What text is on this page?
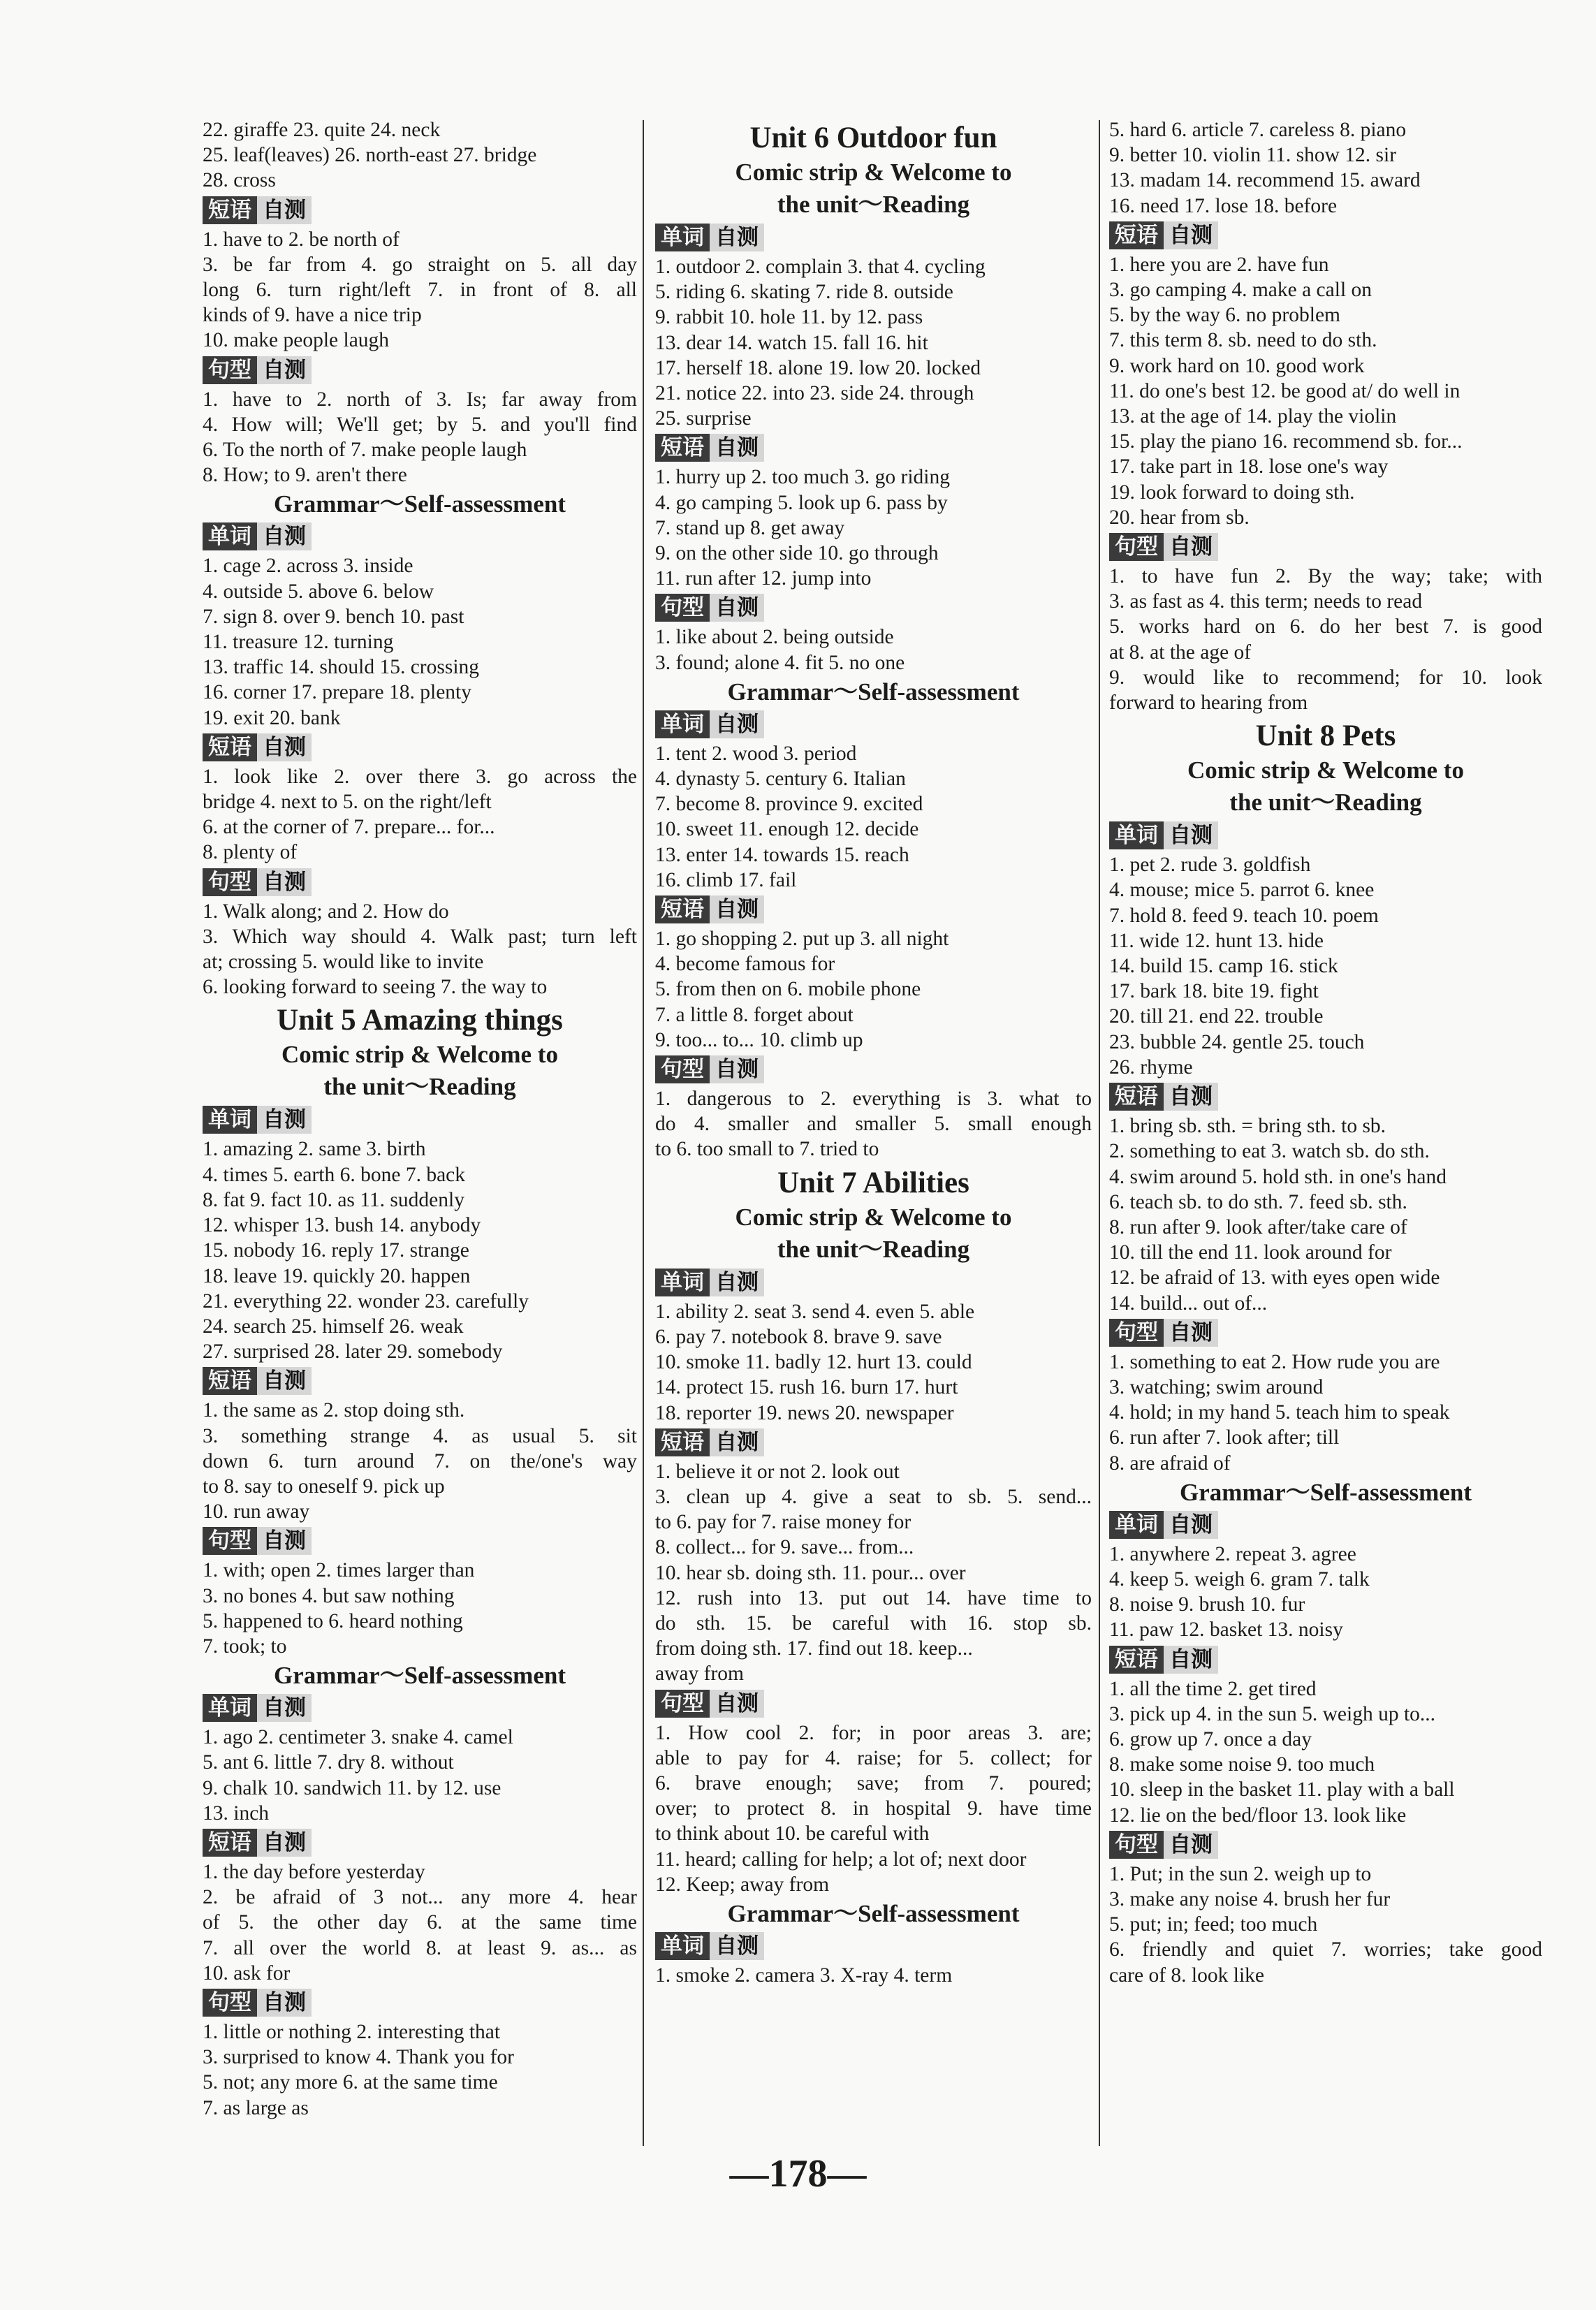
22. giraffe 23. quite 24. neck
25. leaf(leaves) 26. north-east 27. bridge
28. cross
短语 自测
1. have to 2. be north of
3. be far from 4. go straight on 5. all day
long 6. turn right/left 7. in front of 8. all
kinds of 9. have a nice trip
10. make people laugh
句型 自测
1. have to 2. north of 3. Is; far away from
4. How will; We'll get; by 5. and you'll find
6. To the north of 7. make people laugh
8. How; to 9. aren't there
Grammar～Self-assessment
单词 自测
1. cage 2. across 3. inside
4. outside 5. above 6. below
7. sign 8. over 9. bench 10. past
11. treasure 12. turning
13. traffic 14. should 15. crossing
16. corner 17. prepare 18. plenty
19. exit 20. bank
短语 自测
1. look like 2. over there 3. go across the
bridge 4. next to 5. on the right/left
6. at the corner of 7. prepare... for...
8. plenty of
句型 自测
1. Walk along; and 2. How do
3. Which way should 4. Walk past; turn left
at; crossing 5. would like to invite
6. looking forward to seeing 7. the way to
Unit 5 Amazing things
Comic strip & Welcome to
the unit～Reading
单词 自测
1. amazing 2. same 3. birth
4. times 5. earth 6. bone 7. back
8. fat 9. fact 10. as 11. suddenly
12. whisper 13. bush 14. anybody
15. nobody 16. reply 17. strange
18. leave 19. quickly 20. happen
21. everything 22. wonder 23. carefully
24. search 25. himself 26. weak
27. surprised 28. later 29. somebody
短语 自测
1. the same as 2. stop doing sth.
3. something strange 4. as usual 5. sit
down 6. turn around 7. on the/one's way
to 8. say to oneself 9. pick up
10. run away
句型 自测
1. with; open 2. times larger than
3. no bones 4. but saw nothing
5. happened to 6. heard nothing
7. took; to
Grammar～Self-assessment
单词 自测
1. ago 2. centimeter 3. snake 4. camel
5. ant 6. little 7. dry 8. without
9. chalk 10. sandwich 11. by 12. use
13. inch
短语 自测
1. the day before yesterday
2. be afraid of 3 not... any more 4. hear
of 5. the other day 6. at the same time
7. all over the world 8. at least 9. as... as
10. ask for
句型 自测
1. little or nothing 2. interesting that
3. surprised to know 4. Thank you for
5. not; any more 6. at the same time
7. as large as
Unit 6 Outdoor fun
Comic strip & Welcome to
the unit～Reading
单词 自测
1. outdoor 2. complain 3. that 4. cycling
5. riding 6. skating 7. ride 8. outside
9. rabbit 10. hole 11. by 12. pass
13. dear 14. watch 15. fall 16. hit
17. herself 18. alone 19. low 20. locked
21. notice 22. into 23. side 24. through
25. surprise
短语 自测
1. hurry up 2. too much 3. go riding
4. go camping 5. look up 6. pass by
7. stand up 8. get away
9. on the other side 10. go through
11. run after 12. jump into
句型 自测
1. like about 2. being outside
3. found; alone 4. fit 5. no one
Grammar～Self-assessment
单词 自测
1. tent 2. wood 3. period
4. dynasty 5. century 6. Italian
7. become 8. province 9. excited
10. sweet 11. enough 12. decide
13. enter 14. towards 15. reach
16. climb 17. fail
短语 自测
1. go shopping 2. put up 3. all night
4. become famous for
5. from then on 6. mobile phone
7. a little 8. forget about
9. too... to... 10. climb up
句型 自测
1. dangerous to 2. everything is 3. what to
do 4. smaller and smaller 5. small enough
to 6. too small to 7. tried to
Unit 7 Abilities
Comic strip & Welcome to
the unit～Reading
单词 自测
1. ability 2. seat 3. send 4. even 5. able
6. pay 7. notebook 8. brave 9. save
10. smoke 11. badly 12. hurt 13. could
14. protect 15. rush 16. burn 17. hurt
18. reporter 19. news 20. newspaper
短语 自测
1. believe it or not 2. look out
3. clean up 4. give a seat to sb. 5. send...
to 6. pay for 7. raise money for
8. collect... for 9. save... from...
10. hear sb. doing sth. 11. pour... over
12. rush into 13. put out 14. have time to
do sth. 15. be careful with 16. stop sb.
from doing sth. 17. find out 18. keep...
away from
句型 自测
1. How cool 2. for; in poor areas 3. are;
able to pay for 4. raise; for 5. collect; for
6. brave enough; save; from 7. poured;
over; to protect 8. in hospital 9. have time
to think about 10. be careful with
11. heard; calling for help; a lot of; next door
12. Keep; away from
Grammar～Self-assessment
单词 自测
1. smoke 2. camera 3. X-ray 4. term
5. hard 6. article 7. careless 8. piano
9. better 10. violin 11. show 12. sir
13. madam 14. recommend 15. award
16. need 17. lose 18. before
短语 自测
1. here you are 2. have fun
3. go camping 4. make a call on
5. by the way 6. no problem
7. this term 8. sb. need to do sth.
9. work hard on 10. good work
11. do one's best 12. be good at/ do well in
13. at the age of 14. play the violin
15. play the piano 16. recommend sb. for...
17. take part in 18. lose one's way
19. look forward to doing sth.
20. hear from sb.
句型 自测
1. to have fun 2. By the way; take; with
3. as fast as 4. this term; needs to read
5. works hard on 6. do her best 7. is good
at 8. at the age of
9. would like to recommend; for 10. look
forward to hearing from
Unit 8 Pets
Comic strip & Welcome to
the unit～Reading
单词 自测
1. pet 2. rude 3. goldfish
4. mouse; mice 5. parrot 6. knee
7. hold 8. feed 9. teach 10. poem
11. wide 12. hunt 13. hide
14. build 15. camp 16. stick
17. bark 18. bite 19. fight
20. till 21. end 22. trouble
23. bubble 24. gentle 25. touch
26. rhyme
短语 自测
1. bring sb. sth. = bring sth. to sb.
2. something to eat 3. watch sb. do sth.
4. swim around 5. hold sth. in one's hand
6. teach sb. to do sth. 7. feed sb. sth.
8. run after 9. look after/take care of
10. till the end 11. look around for
12. be afraid of 13. with eyes open wide
14. build... out of...
句型 自测
1. something to eat 2. How rude you are
3. watching; swim around
4. hold; in my hand 5. teach him to speak
6. run after 7. look after; till
8. are afraid of
Grammar～Self-assessment
单词 自测
1. anywhere 2. repeat 3. agree
4. keep 5. weigh 6. gram 7. talk
8. noise 9. brush 10. fur
11. paw 12. basket 13. noisy
短语 自测
1. all the time 2. get tired
3. pick up 4. in the sun 5. weigh up to...
6. grow up 7. once a day
8. make some noise 9. too much
10. sleep in the basket 11. play with a ball
12. lie on the bed/floor 13. look like
句型 自测
1. Put; in the sun 2. weigh up to
3. make any noise 4. brush her fur
5. put; in; feed; too much
6. friendly and quiet 7. worries; take good
care of 8. look like
—178—
